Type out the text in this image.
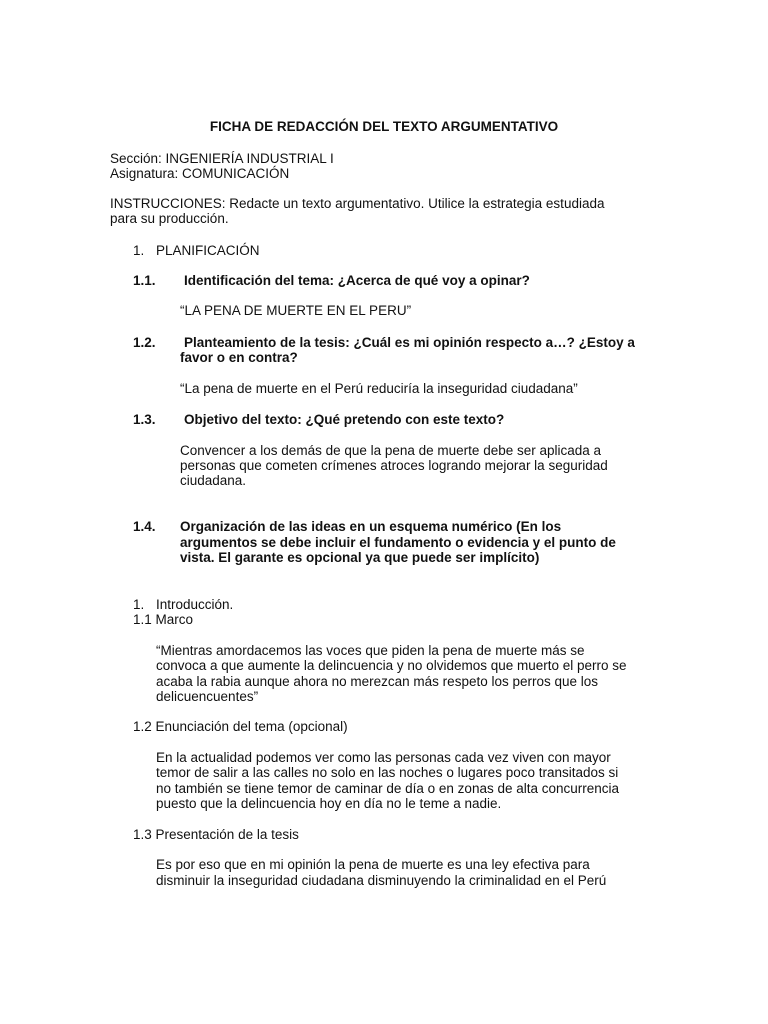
FICHA DE REDACCIÓN DEL TEXTO ARGUMENTATIVO
Sección: INGENIERÍA INDUSTRIAL I
Asignatura: COMUNICACIÓN
INSTRUCCIONES: Redacte un texto argumentativo. Utilice la estrategia estudiada
para su producción.
1. PLANIFICACIÓN
1.1. Identificación del tema: ¿Acerca de qué voy a opinar?
“LA PENA DE MUERTE EN EL PERU”
1.2. Planteamiento de la tesis: ¿Cuál es mi opinión respecto a…? ¿Estoy a
favor o en contra?
“La pena de muerte en el Perú reduciría la inseguridad ciudadana”
1.3. Objetivo del texto: ¿Qué pretendo con este texto?
Convencer a los demás de que la pena de muerte debe ser aplicada a
personas que cometen crímenes atroces logrando mejorar la seguridad
ciudadana.
1.4. Organización de las ideas en un esquema numérico (En los
argumentos se debe incluir el fundamento o evidencia y el punto de
vista. El garante es opcional ya que puede ser implícito)
1. Introducción.
1.1 Marco
“Mientras amordacemos las voces que piden la pena de muerte más se
convoca a que aumente la delincuencia y no olvidemos que muerto el perro se
acaba la rabia aunque ahora no merezcan más respeto los perros que los
delicuencuentes”
1.2 Enunciación del tema (opcional)
En la actualidad podemos ver como las personas cada vez viven con mayor
temor de salir a las calles no solo en las noches o lugares poco transitados si
no también se tiene temor de caminar de día o en zonas de alta concurrencia
puesto que la delincuencia hoy en día no le teme a nadie.
1.3 Presentación de la tesis
Es por eso que en mi opinión la pena de muerte es una ley efectiva para
disminuir la inseguridad ciudadana disminuyendo la criminalidad en el Perú
